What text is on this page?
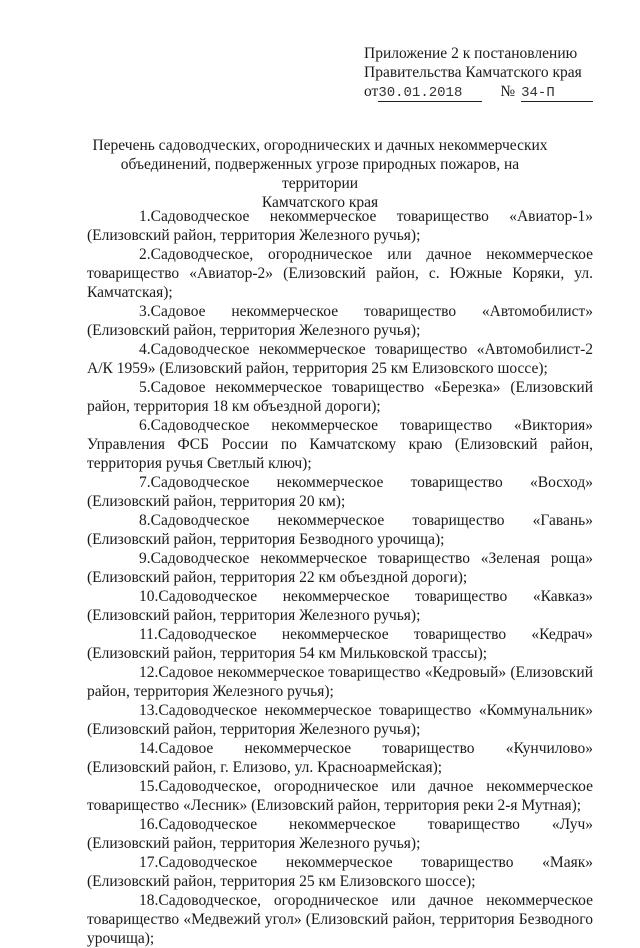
Приложение 2 к постановлению
Правительства Камчатского края
от 30.01.2018	№ 34-П
Перечень садоводческих, огороднических и дачных некоммерческих
объединений, подверженных угрозе природных пожаров, на территории
Камчатского края

1.Садоводческое некоммерческое товарищество «Авиатор-1» (Елизовский район, территория Железного ручья);

2.Садоводческое, огородническое или дачное некоммерческое товарищество «Авиатор-2» (Елизовский район, с. Южные Коряки, ул. Камчатская);

3.Садовое некоммерческое товарищество «Автомобилист» (Елизовский район, территория Железного ручья);

4.Садоводческое некоммерческое товарищество «Автомобилист-2 А/К 1959» (Елизовский район, территория 25 км Елизовского шоссе);

5.Садовое некоммерческое товарищество «Березка» (Елизовский район, территория 18 км объездной дороги);

6.Садоводческое некоммерческое товарищество «Виктория» Управления ФСБ России по Камчатскому краю (Елизовский район, территория ручья Светлый ключ);

7.Садоводческое некоммерческое товарищество «Восход» (Елизовский район, территория 20 км);

8.Садоводческое некоммерческое товарищество «Гавань» (Елизовский район, территория Безводного урочища);

9.Садоводческое некоммерческое товарищество «Зеленая роща» (Елизовский район, территория 22 км объездной дороги);

10.Садоводческое некоммерческое товарищество «Кавказ» (Елизовский район, территория Железного ручья);

11.Садоводческое некоммерческое товарищество «Кедрач» (Елизовский район, территория 54 км Мильковской трассы);

12.Садовое некоммерческое товарищество «Кедровый» (Елизовский район, территория Железного ручья);

13.Садоводческое некоммерческое товарищество «Коммунальник» (Елизовский район, территория Железного ручья);

14.Садовое некоммерческое товарищество «Кунчилово» (Елизовский район, г. Елизово, ул. Красноармейская);

15.Садоводческое, огородническое или дачное некоммерческое товарищество «Лесник» (Елизовский район, территория реки 2-я Мутная);

16.Садоводческое некоммерческое товарищество «Луч» (Елизовский район, территория Железного ручья);

17.Садоводческое некоммерческое товарищество «Маяк» (Елизовский район, территория 25 км Елизовского шоссе);

18.Садоводческое, огородническое или дачное некоммерческое товарищество «Медвежий угол» (Елизовский район, территория Безводного урочища);
